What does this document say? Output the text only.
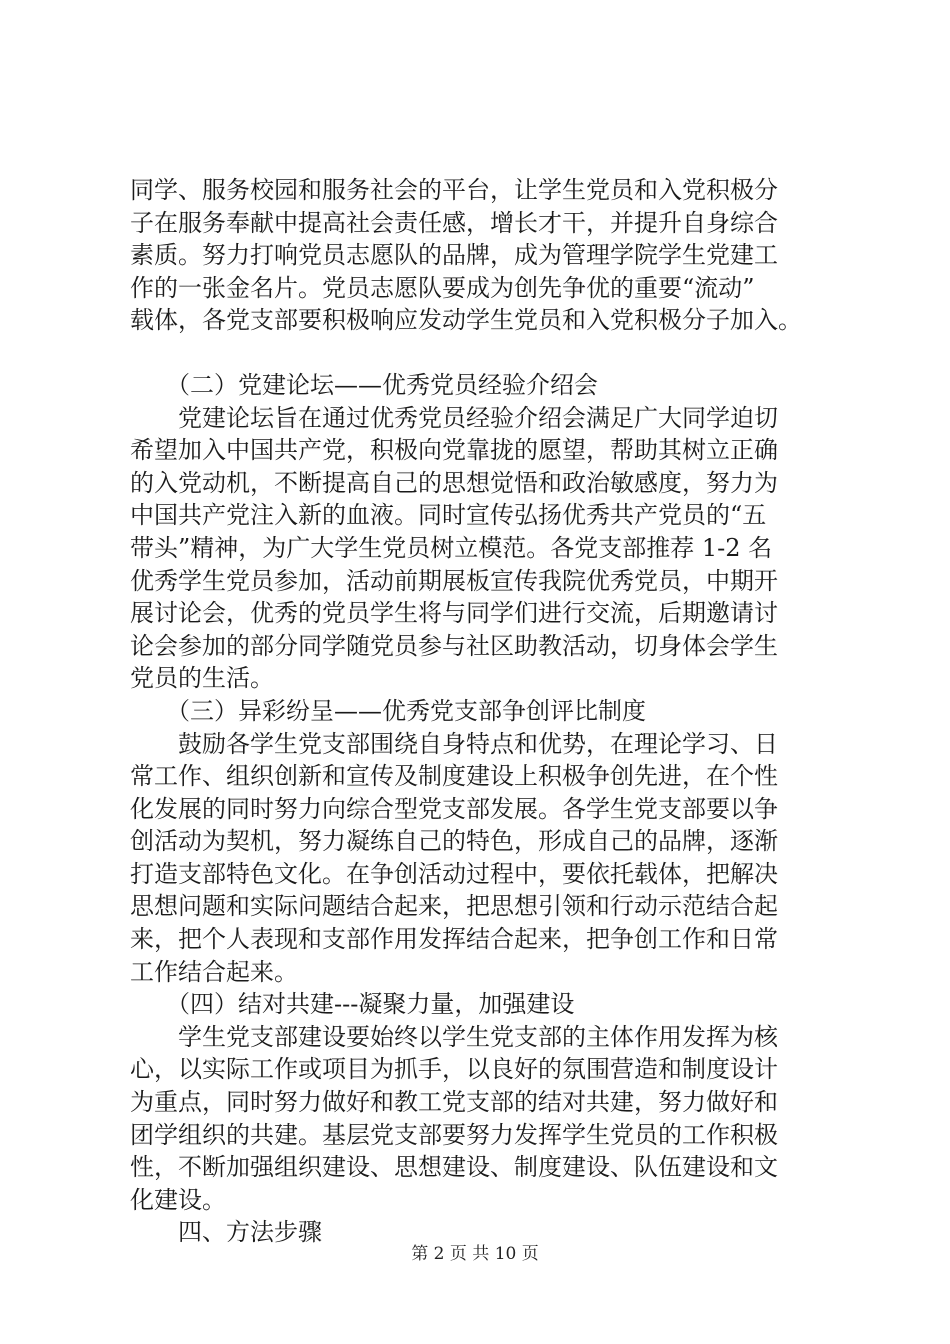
同学、服务校园和服务社会的平台，让学生党员和入党积极分
子在服务奉献中提高社会责任感，增长才干，并提升自身综合
素质。努力打响党员志愿队的品牌，成为管理学院学生党建工
作的一张金名片。党员志愿队要成为创先争优的重要“流动”
载体，各党支部要积极响应发动学生党员和入党积极分子加入。
（二）党建论坛——优秀党员经验介绍会
党建论坛旨在通过优秀党员经验介绍会满足广大同学迫切
希望加入中国共产党，积极向党靠拢的愿望，帮助其树立正确
的入党动机，不断提高自己的思想觉悟和政治敏感度，努力为
中国共产党注入新的血液。同时宣传弘扬优秀共产党员的“五
带头”精神，为广大学生党员树立模范。各党支部推荐 1-2 名
优秀学生党员参加，活动前期展板宣传我院优秀党员，中期开
展讨论会，优秀的党员学生将与同学们进行交流，后期邀请讨
论会参加的部分同学随党员参与社区助教活动，切身体会学生
党员的生活。
（三）异彩纷呈——优秀党支部争创评比制度
鼓励各学生党支部围绕自身特点和优势，在理论学习、日
常工作、组织创新和宣传及制度建设上积极争创先进，在个性
化发展的同时努力向综合型党支部发展。各学生党支部要以争
创活动为契机，努力凝练自己的特色，形成自己的品牌，逐渐
打造支部特色文化。在争创活动过程中，要依托载体，把解决
思想问题和实际问题结合起来，把思想引领和行动示范结合起
来，把个人表现和支部作用发挥结合起来，把争创工作和日常
工作结合起来。
（四）结对共建---凝聚力量，加强建设
学生党支部建设要始终以学生党支部的主体作用发挥为核
心，以实际工作或项目为抓手，以良好的氛围营造和制度设计
为重点，同时努力做好和教工党支部的结对共建，努力做好和
团学组织的共建。基层党支部要努力发挥学生党员的工作积极
性，不断加强组织建设、思想建设、制度建设、队伍建设和文
化建设。
四、方法步骤
第 2 页 共 10 页
